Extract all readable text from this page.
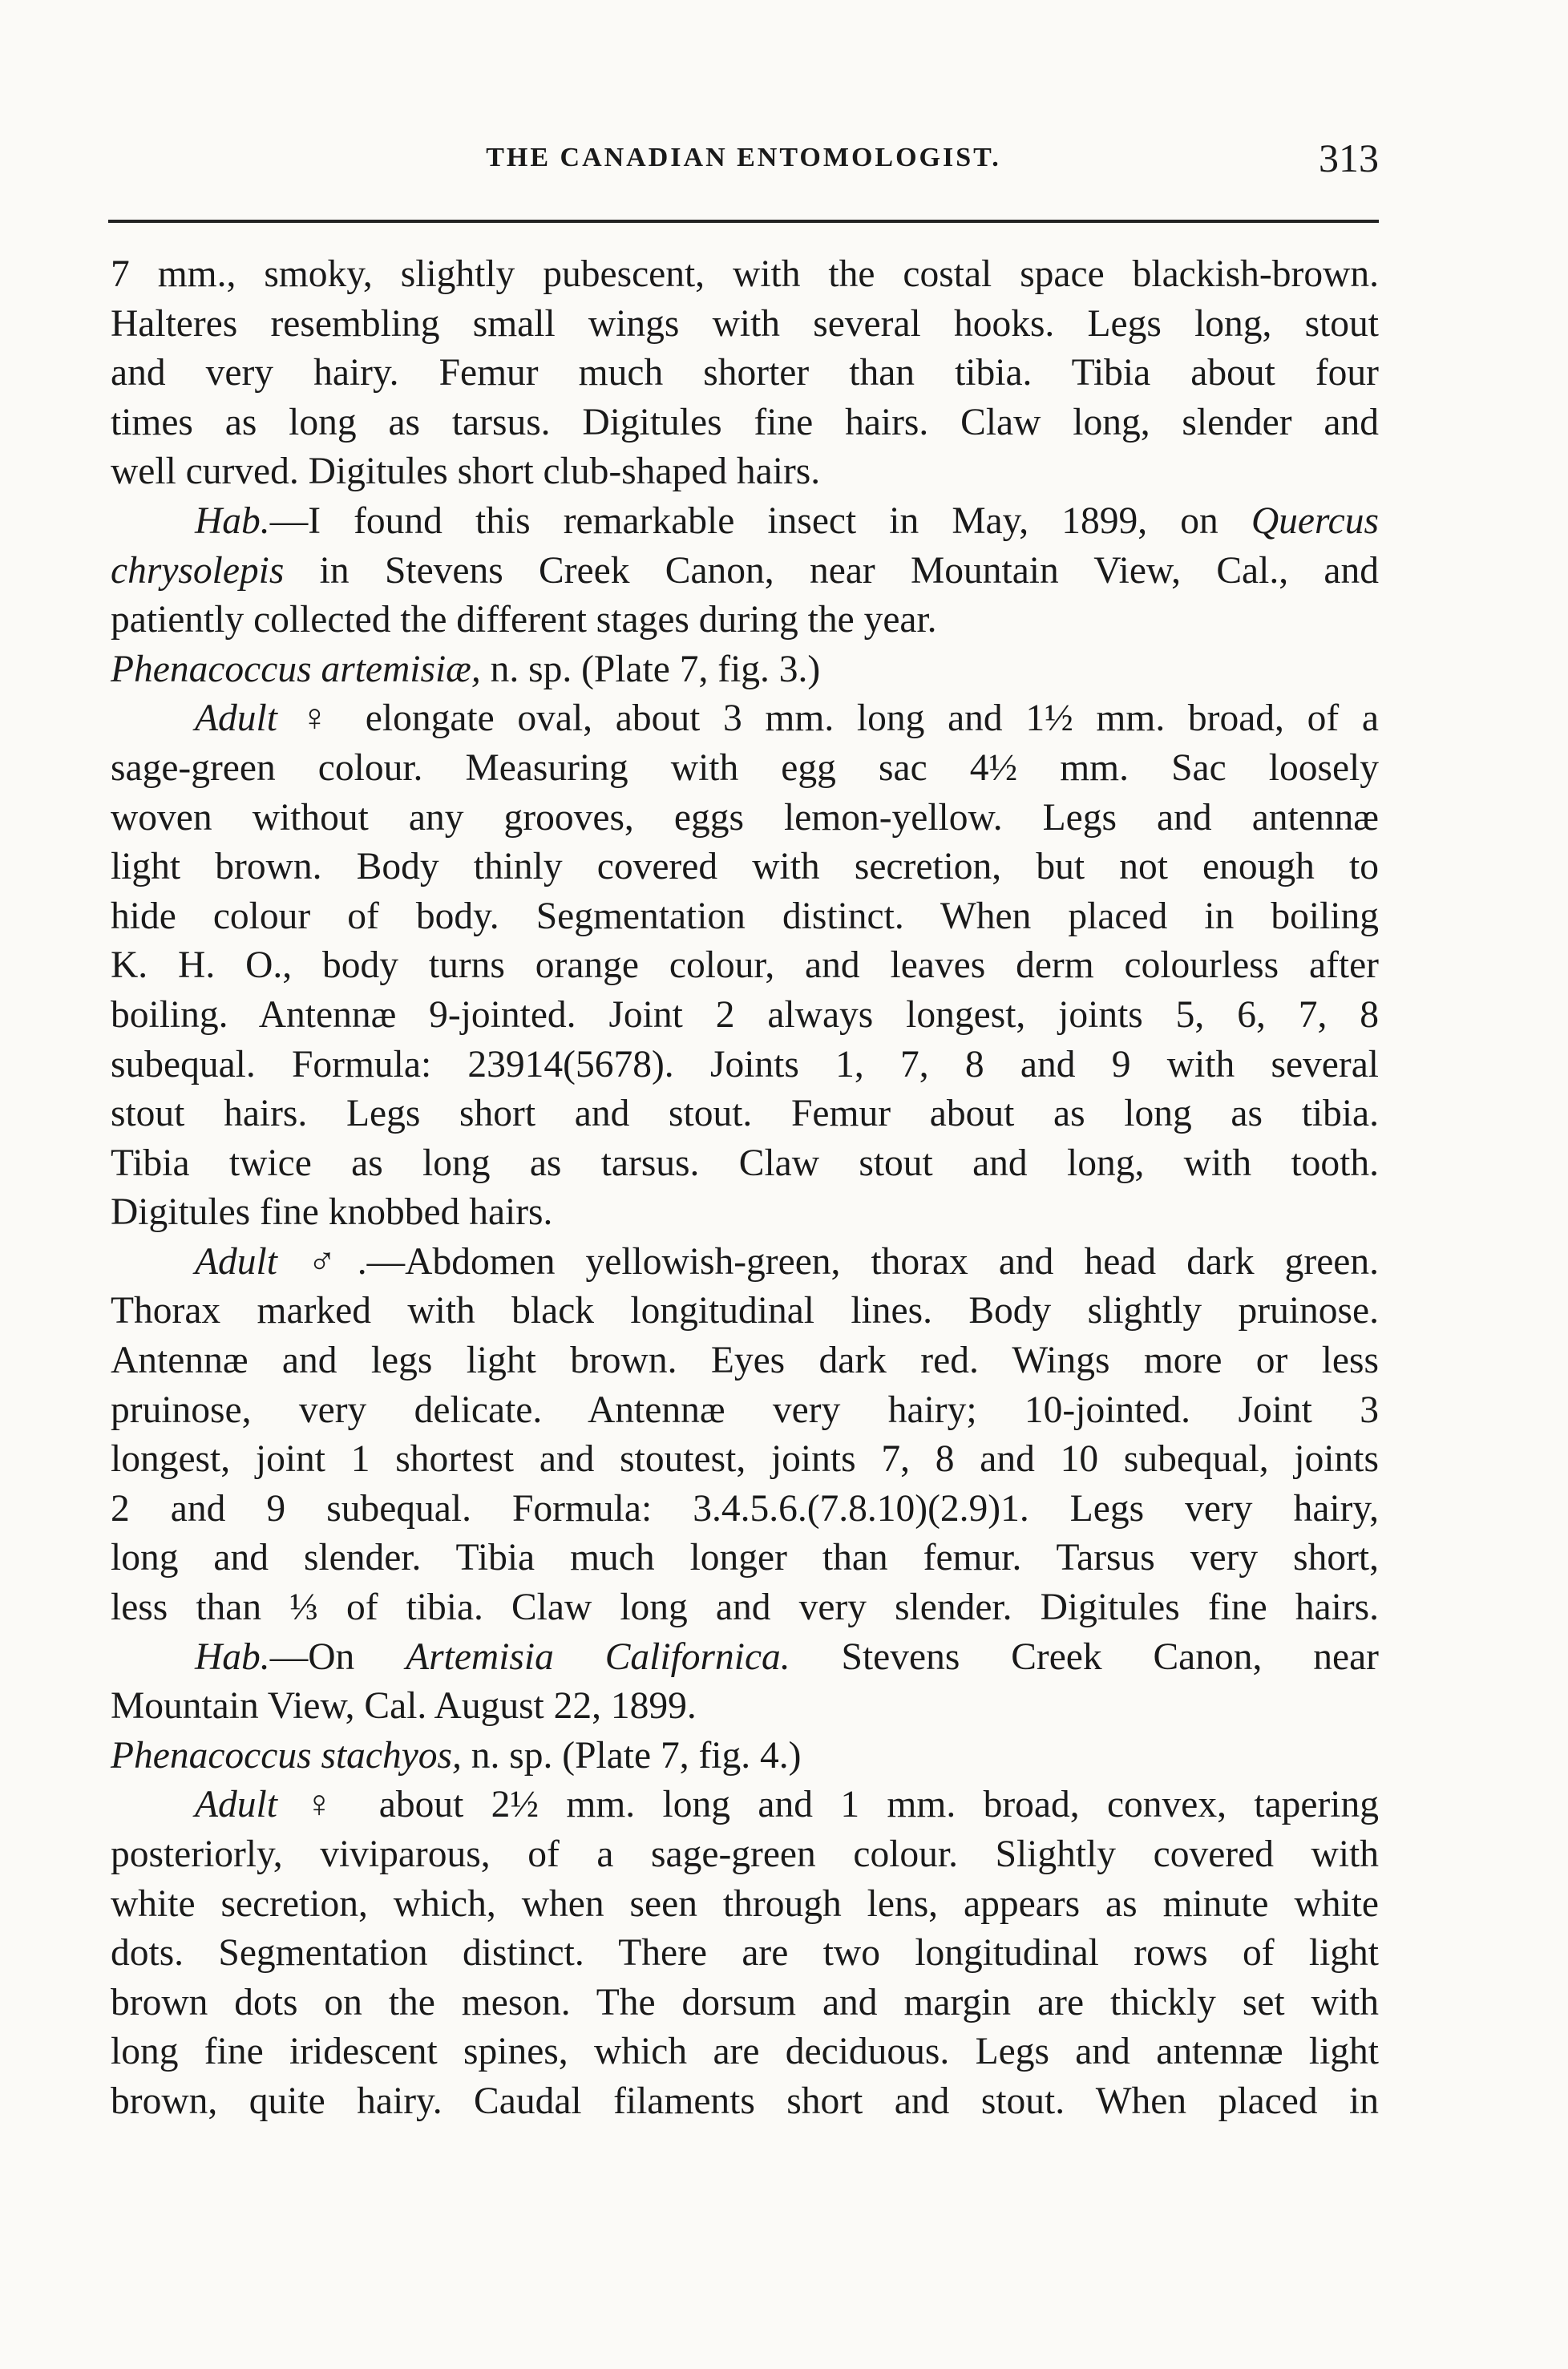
THE CANADIAN ENTOMOLOGIST.	313

7 mm., smoky, slightly pubescent, with the costal space blackish-brown.

Halteres resembling small wings with several hooks. Legs long, stout

and very hairy. Femur much shorter than tibia. Tibia about four

times as long as tarsus. Digitules fine hairs. Claw long, slender and

well curved. Digitules short club-shaped hairs.

Hab.—I found this remarkable insect in May, 1899, on Quercus

chrysolepis in Stevens Creek Canon, near Mountain View, Cal., and

patiently collected the different stages during the year.

Phenacoccus artemisiæ, n. sp. (Plate 7, fig. 3.)

Adult ♀ elongate oval, about 3 mm. long and 1½ mm. broad, of a

sage-green colour. Measuring with egg sac 4½ mm. Sac loosely

woven without any grooves, eggs lemon-yellow. Legs and antennæ

light brown. Body thinly covered with secretion, but not enough to

hide colour of body. Segmentation distinct. When placed in boiling

K. H. O., body turns orange colour, and leaves derm colourless after

boiling. Antennæ 9-jointed. Joint 2 always longest, joints 5, 6, 7, 8

subequal. Formula: 23914(5678). Joints 1, 7, 8 and 9 with several

stout hairs. Legs short and stout. Femur about as long as tibia.

Tibia twice as long as tarsus. Claw stout and long, with tooth.

Digitules fine knobbed hairs.

Adult ♂.—Abdomen yellowish-green, thorax and head dark green.

Thorax marked with black longitudinal lines. Body slightly pruinose.

Antennæ and legs light brown. Eyes dark red. Wings more or less

pruinose, very delicate. Antennæ very hairy; 10-jointed. Joint 3

longest, joint 1 shortest and stoutest, joints 7, 8 and 10 subequal, joints

2 and 9 subequal. Formula: 3.4.5.6.(7.8.10)(2.9)1. Legs very hairy,

long and slender. Tibia much longer than femur. Tarsus very short,

less than ⅓ of tibia. Claw long and very slender. Digitules fine hairs.

Hab.—On Artemisia Californica. Stevens Creek Canon, near

Mountain View, Cal. August 22, 1899.

Phenacoccus stachyos, n. sp. (Plate 7, fig. 4.)

Adult ♀ about 2½ mm. long and 1 mm. broad, convex, tapering

posteriorly, viviparous, of a sage-green colour. Slightly covered with

white secretion, which, when seen through lens, appears as minute white

dots. Segmentation distinct. There are two longitudinal rows of light

brown dots on the meson. The dorsum and margin are thickly set with

long fine iridescent spines, which are deciduous. Legs and antennæ light

brown, quite hairy. Caudal filaments short and stout. When placed in
